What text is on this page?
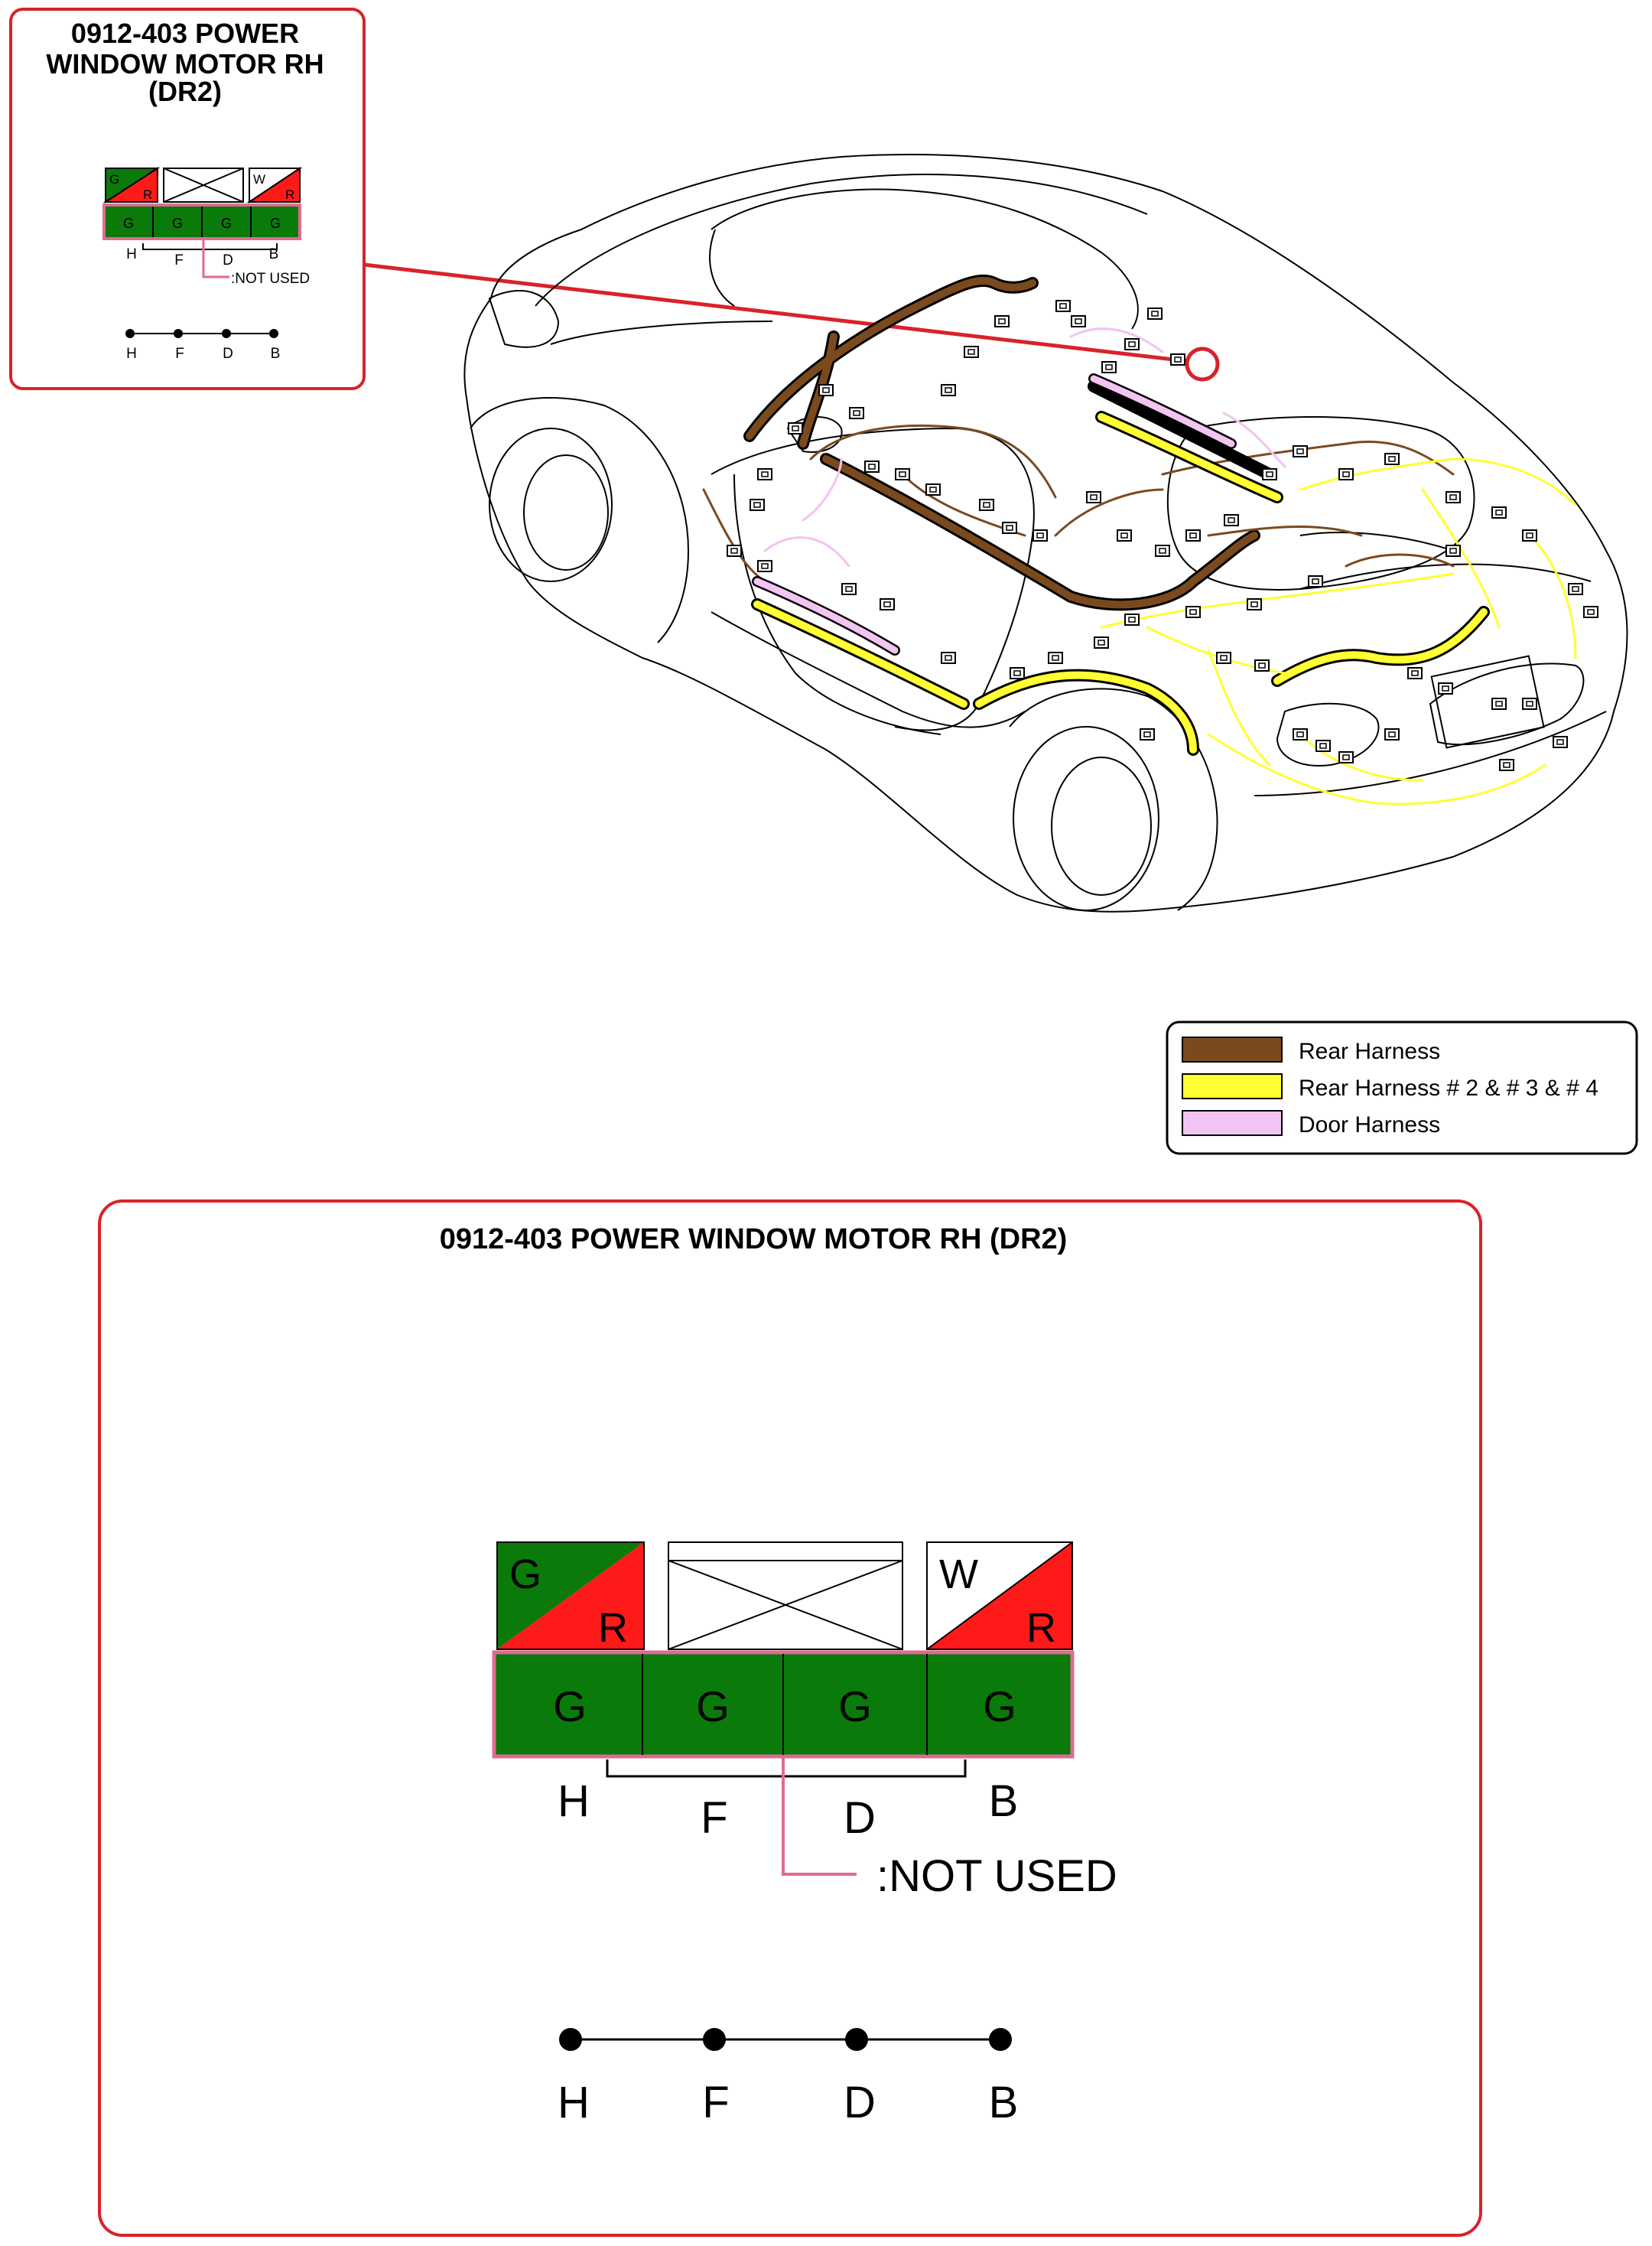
0912-403 POWER
WINDOW MOTOR RH
(DR2)
G
R
W
R
G	G	G	G
H	B
F	D
:NOT USED
H	F	D	B
Rear Harness
Rear Harness # 2 & # 3 & # 4
Door Harness
0912-403 POWER WINDOW MOTOR RH (DR2)
G
R
W
R
G	G	G	G
H	B
F	D
:NOT USED
H	F	D	B
